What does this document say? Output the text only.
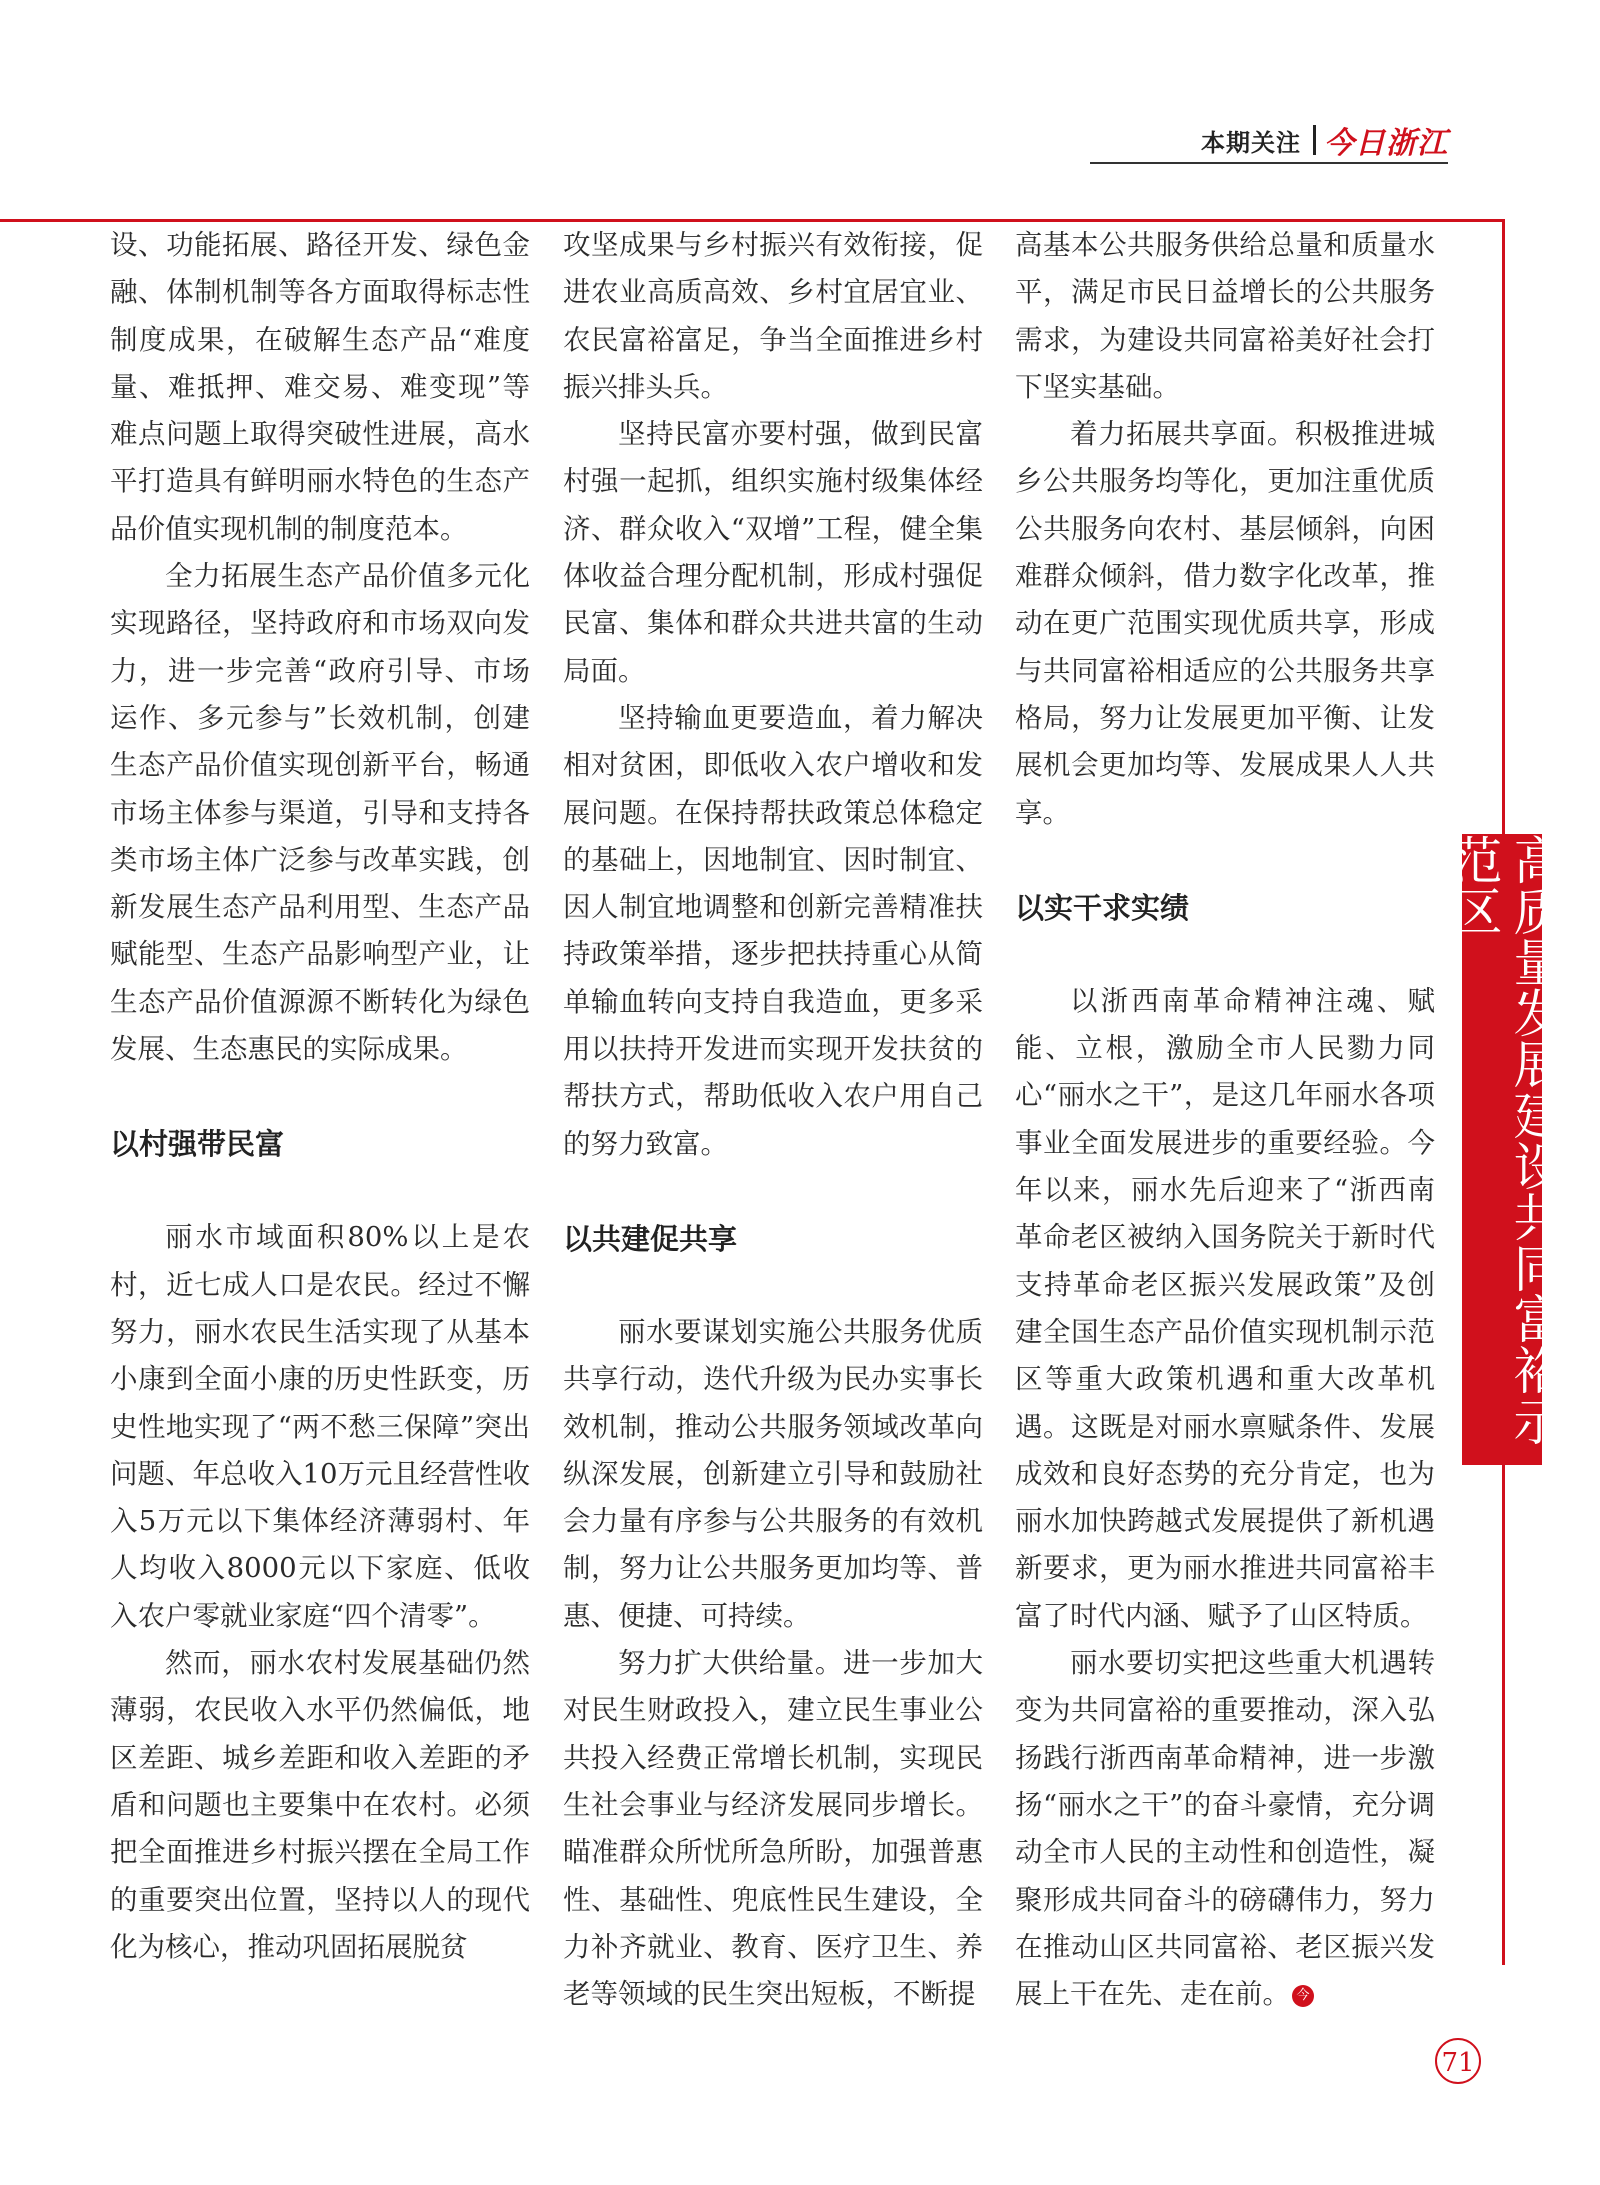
本期关注 今日浙江
高质量发展建设共同富裕示范区

设、功能拓展、路径开发、绿色金融、体制机制等各方面取得标志性制度成果，在破解生态产品“难度量、难抵押、难交易、难变现”等难点问题上取得突破性进展，高水平打造具有鲜明丽水特色的生态产品价值实现机制的制度范本。

全力拓展生态产品价值多元化实现路径，坚持政府和市场双向发力，进一步完善“政府引导、市场运作、多元参与”长效机制，创建生态产品价值实现创新平台，畅通市场主体参与渠道，引导和支持各类市场主体广泛参与改革实践，创新发展生态产品利用型、生态产品赋能型、生态产品影响型产业，让生态产品价值源源不断转化为绿色发展、生态惠民的实际成果。

以村强带民富

丽水市域面积80%以上是农村，近七成人口是农民。经过不懈努力，丽水农民生活实现了从基本小康到全面小康的历史性跃变，历史性地实现了“两不愁三保障”突出问题、年总收入10万元且经营性收入5万元以下集体经济薄弱村、年人均收入8000元以下家庭、低收入农户零就业家庭“四个清零”。

然而，丽水农村发展基础仍然薄弱，农民收入水平仍然偏低，地区差距、城乡差距和收入差距的矛盾和问题也主要集中在农村。必须把全面推进乡村振兴摆在全局工作的重要突出位置，坚持以人的现代化为核心，推动巩固拓展脱贫

攻坚成果与乡村振兴有效衔接，促进农业高质高效、乡村宜居宜业、农民富裕富足，争当全面推进乡村振兴排头兵。

坚持民富亦要村强，做到民富村强一起抓，组织实施村级集体经济、群众收入“双增”工程，健全集体收益合理分配机制，形成村强促民富、集体和群众共进共富的生动局面。

坚持输血更要造血，着力解决相对贫困，即低收入农户增收和发展问题。在保持帮扶政策总体稳定的基础上，因地制宜、因时制宜、因人制宜地调整和创新完善精准扶持政策举措，逐步把扶持重心从简单输血转向支持自我造血，更多采用以扶持开发进而实现开发扶贫的帮扶方式，帮助低收入农户用自己的努力致富。

以共建促共享

丽水要谋划实施公共服务优质共享行动，迭代升级为民办实事长效机制，推动公共服务领域改革向纵深发展，创新建立引导和鼓励社会力量有序参与公共服务的有效机制，努力让公共服务更加均等、普惠、便捷、可持续。

努力扩大供给量。进一步加大对民生财政投入，建立民生事业公共投入经费正常增长机制，实现民生社会事业与经济发展同步增长。瞄准群众所忧所急所盼，加强普惠性、基础性、兜底性民生建设，全力补齐就业、教育、医疗卫生、养老等领域的民生突出短板，不断提

高基本公共服务供给总量和质量水平，满足市民日益增长的公共服务需求，为建设共同富裕美好社会打下坚实基础。

着力拓展共享面。积极推进城乡公共服务均等化，更加注重优质公共服务向农村、基层倾斜，向困难群众倾斜，借力数字化改革，推动在更广范围实现优质共享，形成与共同富裕相适应的公共服务共享格局，努力让发展更加平衡、让发展机会更加均等、发展成果人人共享。

以实干求实绩

以浙西南革命精神注魂、赋能、立根，激励全市人民勠力同心“丽水之干”，是这几年丽水各项事业全面发展进步的重要经验。今年以来，丽水先后迎来了“浙西南革命老区被纳入国务院关于新时代支持革命老区振兴发展政策”及创建全国生态产品价值实现机制示范区等重大政策机遇和重大改革机遇。这既是对丽水禀赋条件、发展成效和良好态势的充分肯定，也为丽水加快跨越式发展提供了新机遇新要求，更为丽水推进共同富裕丰富了时代内涵、赋予了山区特质。

丽水要切实把这些重大机遇转变为共同富裕的重要推动，深入弘扬践行浙西南革命精神，进一步激扬“丽水之干”的奋斗豪情，充分调动全市人民的主动性和创造性，凝聚形成共同奋斗的磅礴伟力，努力在推动山区共同富裕、老区振兴发展上干在先、走在前。 今

71
